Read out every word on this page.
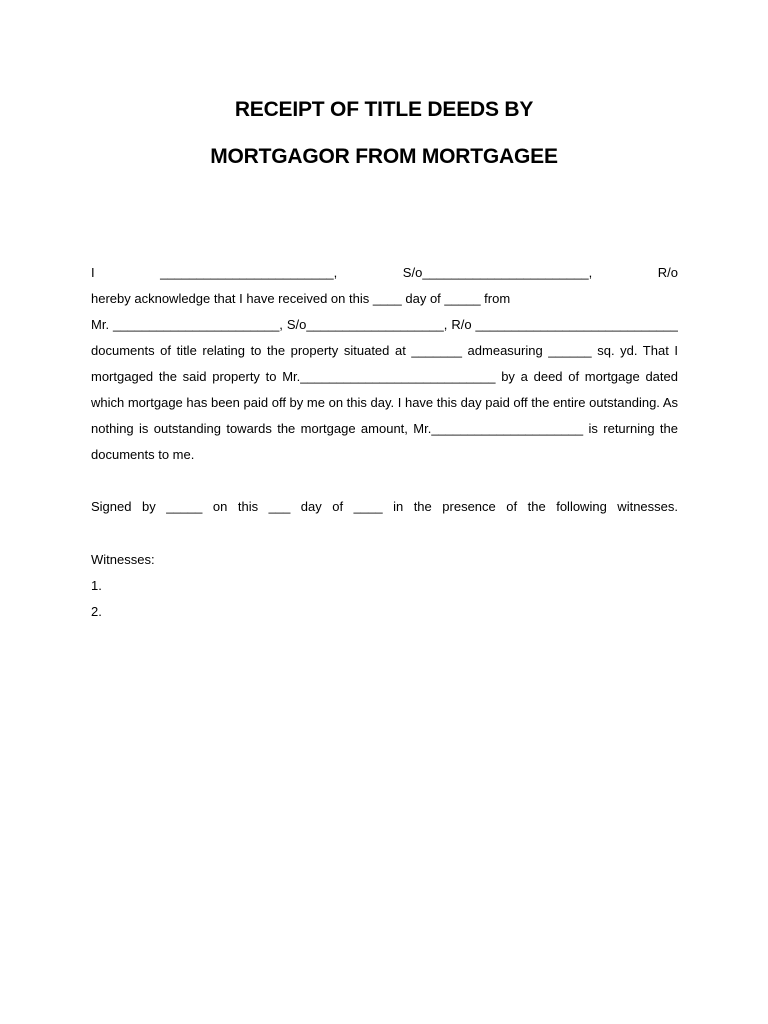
RECEIPT OF TITLE DEEDS BY
MORTGAGOR FROM MORTGAGEE
I ________________________, S/o_______________________, R/o
hereby acknowledge that I have received on this ____ day of _____ from
Mr. _______________________, S/o___________________, R/o ____________________________
documents of title relating to the property situated at _______ admeasuring ______ sq. yd. That I
mortgaged the said property to Mr.___________________________ by a deed of mortgage dated
which mortgage has been paid off by me on this day. I have this day paid off the entire outstanding. As
nothing is outstanding towards the mortgage amount, Mr._____________________ is returning the
documents to me.
Signed by _____ on this ___ day of ____ in the presence of the following witnesses.
Witnesses:
1.
2.
